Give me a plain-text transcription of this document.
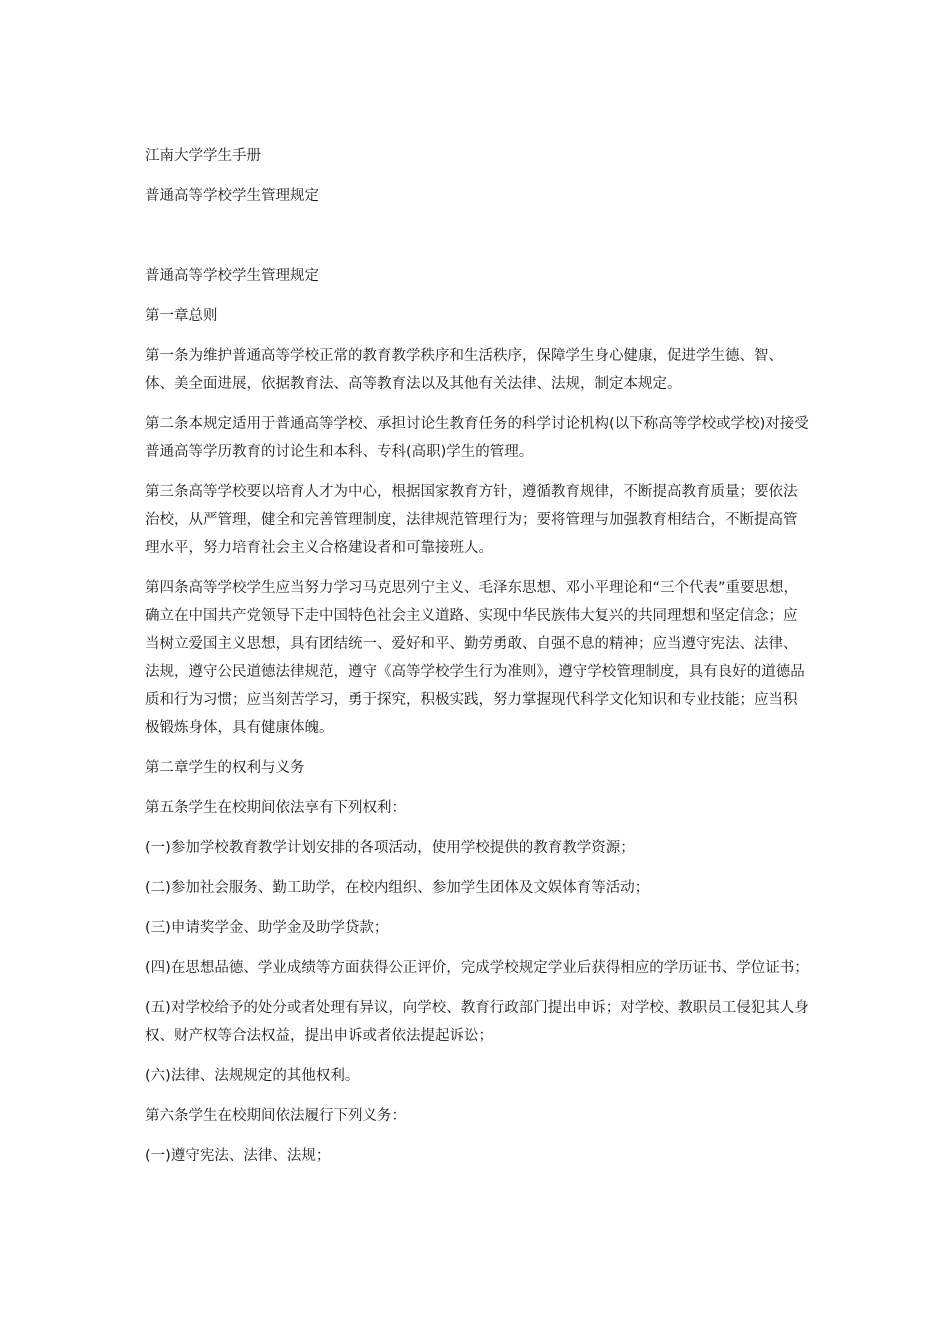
江南大学学生手册

普通高等学校学生管理规定

普通高等学校学生管理规定

第一章总则

第一条为维护普通高等学校正常的教育教学秩序和生活秩序，保障学生身心健康，促进学生德、智、体、美全面进展，依据教育法、高等教育法以及其他有关法律、法规，制定本规定。

第二条本规定适用于普通高等学校、承担讨论生教育任务的科学讨论机构(以下称高等学校或学校)对接受普通高等学历教育的讨论生和本科、专科(高职)学生的管理。

第三条高等学校要以培育人才为中心，根据国家教育方针，遵循教育规律，不断提高教育质量；要依法治校，从严管理，健全和完善管理制度，法律规范管理行为；要将管理与加强教育相结合，不断提高管理水平，努力培育社会主义合格建设者和可靠接班人。

第四条高等学校学生应当努力学习马克思列宁主义、毛泽东思想、邓小平理论和“三个代表”重要思想，确立在中国共产党领导下走中国特色社会主义道路、实现中华民族伟大复兴的共同理想和坚定信念；应当树立爱国主义思想，具有团结统一、爱好和平、勤劳勇敢、自强不息的精神；应当遵守宪法、法律、法规，遵守公民道德法律规范，遵守《高等学校学生行为准则》，遵守学校管理制度，具有良好的道德品质和行为习惯；应当刻苦学习，勇于探究，积极实践，努力掌握现代科学文化知识和专业技能；应当积极锻炼身体，具有健康体魄。

第二章学生的权利与义务

第五条学生在校期间依法享有下列权利：

(一)参加学校教育教学计划安排的各项活动，使用学校提供的教育教学资源；

(二)参加社会服务、勤工助学，在校内组织、参加学生团体及文娱体育等活动；

(三)申请奖学金、助学金及助学贷款；

(四)在思想品德、学业成绩等方面获得公正评价，完成学校规定学业后获得相应的学历证书、学位证书；

(五)对学校给予的处分或者处理有异议，向学校、教育行政部门提出申诉；对学校、教职员工侵犯其人身权、财产权等合法权益，提出申诉或者依法提起诉讼；

(六)法律、法规规定的其他权利。

第六条学生在校期间依法履行下列义务：

(一)遵守宪法、法律、法规；
